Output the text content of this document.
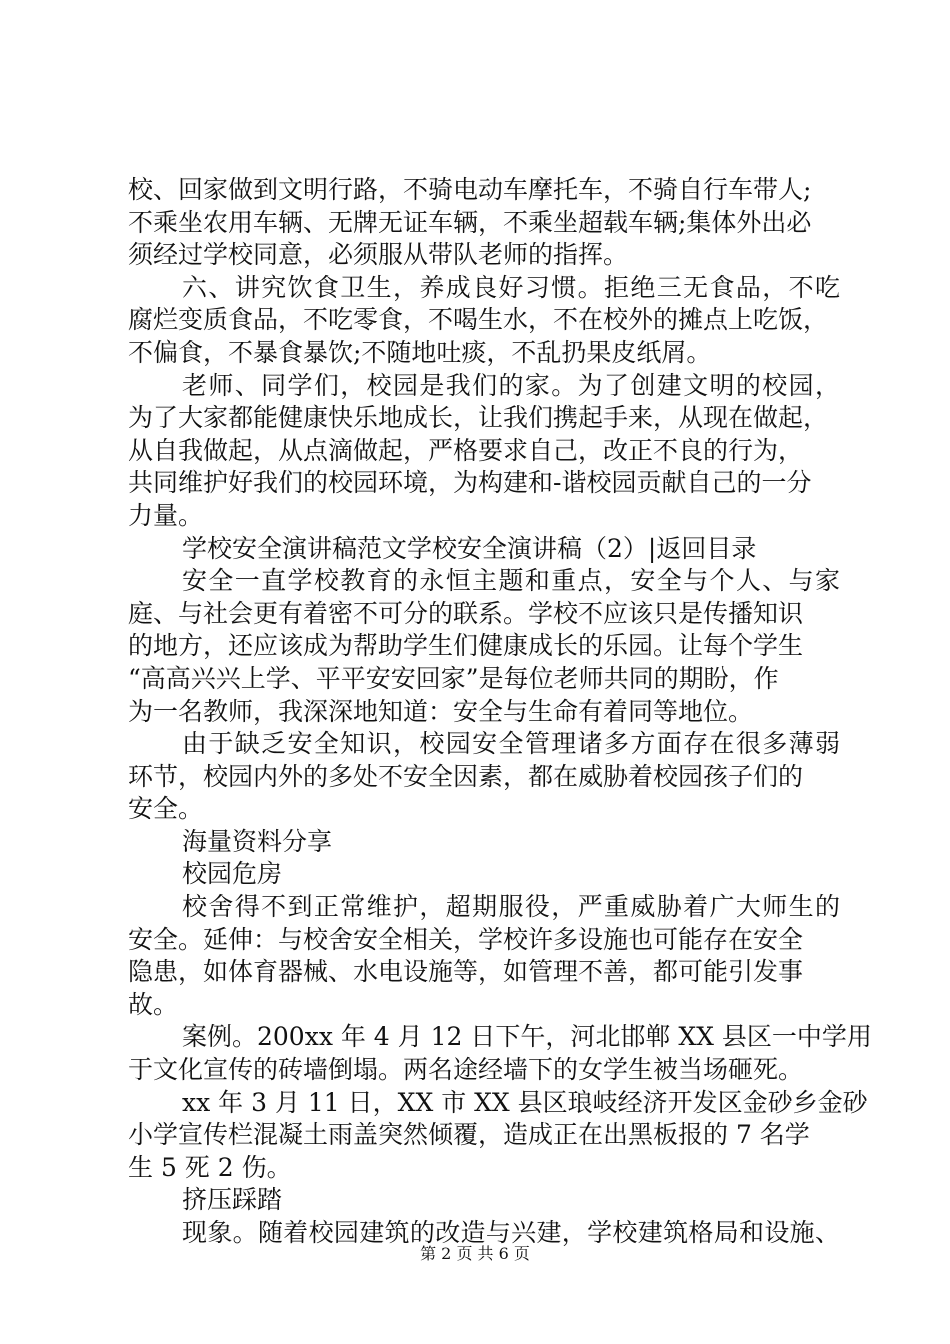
校、回家做到文明行路，不骑电动车摩托车，不骑自行车带人;
不乘坐农用车辆、无牌无证车辆，不乘坐超载车辆;集体外出必
须经过学校同意，必须服从带队老师的指挥。
六、讲究饮食卫生，养成良好习惯。拒绝三无食品，不吃
腐烂变质食品，不吃零食，不喝生水，不在校外的摊点上吃饭，
不偏食，不暴食暴饮;不随地吐痰，不乱扔果皮纸屑。
老师、同学们，校园是我们的家。为了创建文明的校园，
为了大家都能健康快乐地成长，让我们携起手来，从现在做起，
从自我做起，从点滴做起，严格要求自己，改正不良的行为，
共同维护好我们的校园环境，为构建和-谐校园贡献自己的一分
力量。
学校安全演讲稿范文学校安全演讲稿（2）|返回目录
安全一直学校教育的永恒主题和重点，安全与个人、与家
庭、与社会更有着密不可分的联系。学校不应该只是传播知识
的地方，还应该成为帮助学生们健康成长的乐园。让每个学生
“高高兴兴上学、平平安安回家”是每位老师共同的期盼，作
为一名教师，我深深地知道：安全与生命有着同等地位。
由于缺乏安全知识，校园安全管理诸多方面存在很多薄弱
环节，校园内外的多处不安全因素，都在威胁着校园孩子们的
安全。
海量资料分享
校园危房
校舍得不到正常维护，超期服役，严重威胁着广大师生的
安全。延伸：与校舍安全相关，学校许多设施也可能存在安全
隐患，如体育器械、水电设施等，如管理不善，都可能引发事
故。
案例。200xx 年 4 月 12 日下午，河北邯郸 XX 县区一中学用
于文化宣传的砖墙倒塌。两名途经墙下的女学生被当场砸死。
xx 年 3 月 11 日，XX 市 XX 县区琅岐经济开发区金砂乡金砂
小学宣传栏混凝土雨盖突然倾覆，造成正在出黑板报的 7 名学
生 5 死 2 伤。
挤压踩踏
现象。随着校园建筑的改造与兴建，学校建筑格局和设施、
第 2 页 共 6 页
